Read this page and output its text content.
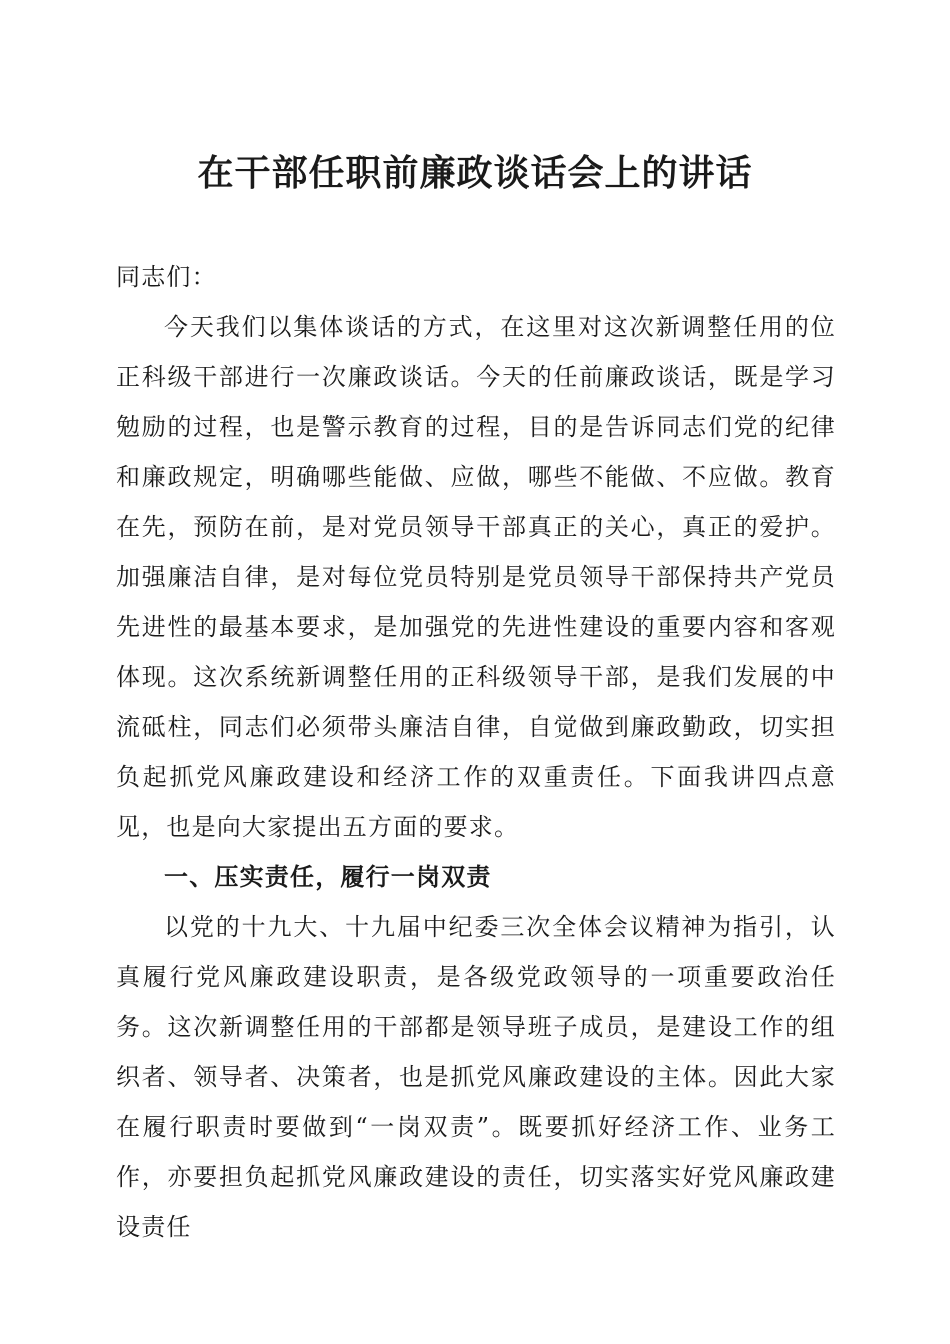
在干部任职前廉政谈话会上的讲话

同志们：

今天我们以集体谈话的方式，在这里对这次新调整任用的位正科级干部进行一次廉政谈话。今天的任前廉政谈话，既是学习勉励的过程，也是警示教育的过程，目的是告诉同志们党的纪律和廉政规定，明确哪些能做、应做，哪些不能做、不应做。教育在先，预防在前，是对党员领导干部真正的关心，真正的爱护。加强廉洁自律，是对每位党员特别是党员领导干部保持共产党员先进性的最基本要求，是加强党的先进性建设的重要内容和客观体现。这次系统新调整任用的正科级领导干部，是我们发展的中流砥柱，同志们必须带头廉洁自律，自觉做到廉政勤政，切实担负起抓党风廉政建设和经济工作的双重责任。下面我讲四点意见，也是向大家提出五方面的要求。

一、压实责任，履行一岗双责

以党的十九大、十九届中纪委三次全体会议精神为指引，认真履行党风廉政建设职责，是各级党政领导的一项重要政治任务。这次新调整任用的干部都是领导班子成员，是建设工作的组织者、领导者、决策者，也是抓党风廉政建设的主体。因此大家在履行职责时要做到“一岗双责”。既要抓好经济工作、业务工作，亦要担负起抓党风廉政建设的责任，切实落实好党风廉政建设责任
